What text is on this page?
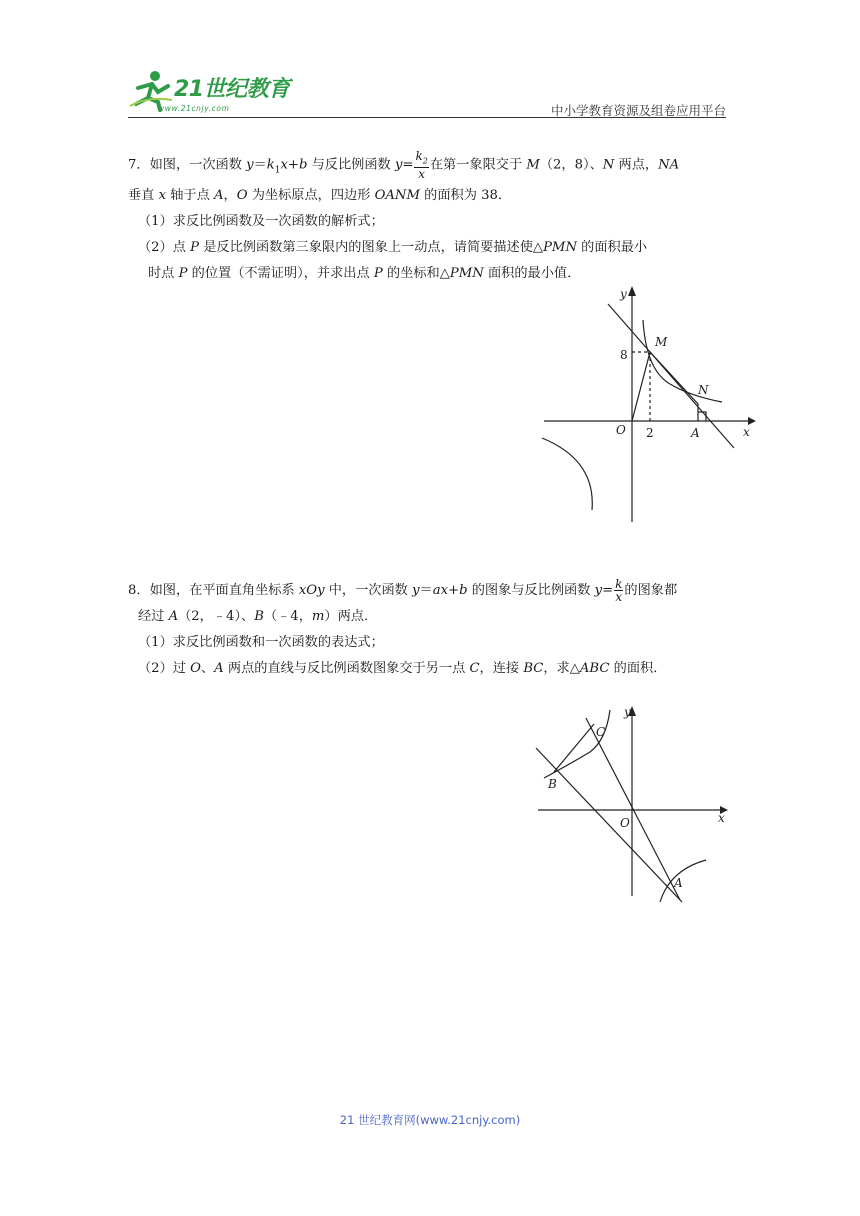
21世纪教育
www.21cnjy.com	中小学教育资源及组卷应用平台

7．如图，一次函数 $y=k_1x+b$ 与反比例函数 $y= \frac{k_2}{x}$ 在第一象限交于 M（2，8）、N 两点，NA

垂直 x 轴于点 A，O 为坐标原点，四边形 OANM 的面积为 38．

（1）求反比例函数及一次函数的解析式；

（2）点 P 是反比例函数第三象限内的图象上一动点，请简要描述使△PMN 的面积最小

时点 P 的位置（不需证明），并求出点 P 的坐标和△PMN 面积的最小值．

y
x
O
M
N
A
8
2

8．如图，在平面直角坐标系 xOy 中，一次函数 y＝ax+b 的图象与反比例函数 $y= \frac{k}{x}$ 的图象都

经过 A（2，﹣4）、B（﹣4，m）两点．

（1）求反比例函数和一次函数的表达式；

（2）过 O、A 两点的直线与反比例函数图象交于另一点 C，连接 BC，求△ABC 的面积．

y
x
O
A
B
C
21 世纪教育网(www.21cnjy.com)
